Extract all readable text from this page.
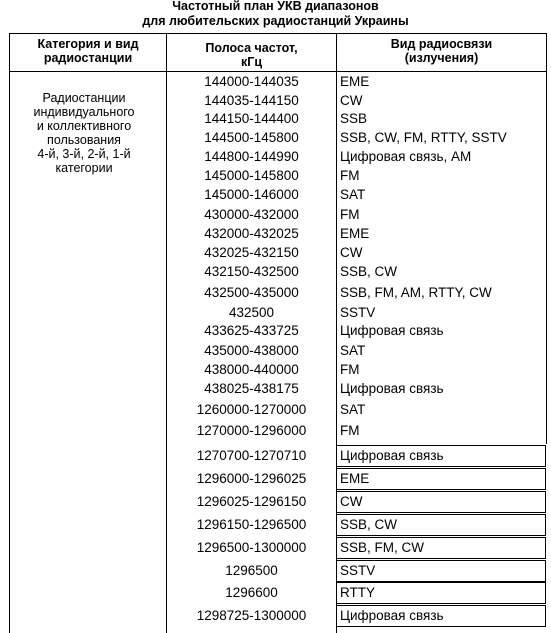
Частотный план УКВ диапазонов
для любительских радиостанций Украины
Категория и вид
радиостанции
Полоса частот,
кГц
Вид радиосвязи
(излучения)
Радиостанции
индивидуального
и коллективного
пользования
4-й, 3-й, 2-й, 1-й
категории
144000-144035	EME
144035-144150	CW
144150-144400	SSB
144500-145800	SSB, CW, FM, RTTY, SSTV
144800-144990	Цифровая связь, AM
145000-145800	FM
145000-146000	SAT
430000-432000	FM
432000-432025	EME
432025-432150	CW
432150-432500	SSB, CW
432500-435000	SSB, FM, AM, RTTY, CW
432500	SSTV
433625-433725	Цифровая связь
435000-438000	SAT
438000-440000	FM
438025-438175	Цифровая связь
1260000-1270000	SAT
1270000-1296000	FM
1270700-1270710	Цифровая связь
1296000-1296025	EME
1296025-1296150	CW
1296150-1296500	SSB, CW
1296500-1300000	SSB, FM, CW
1296500	SSTV
1296600	RTTY
1298725-1300000	Цифровая связь
